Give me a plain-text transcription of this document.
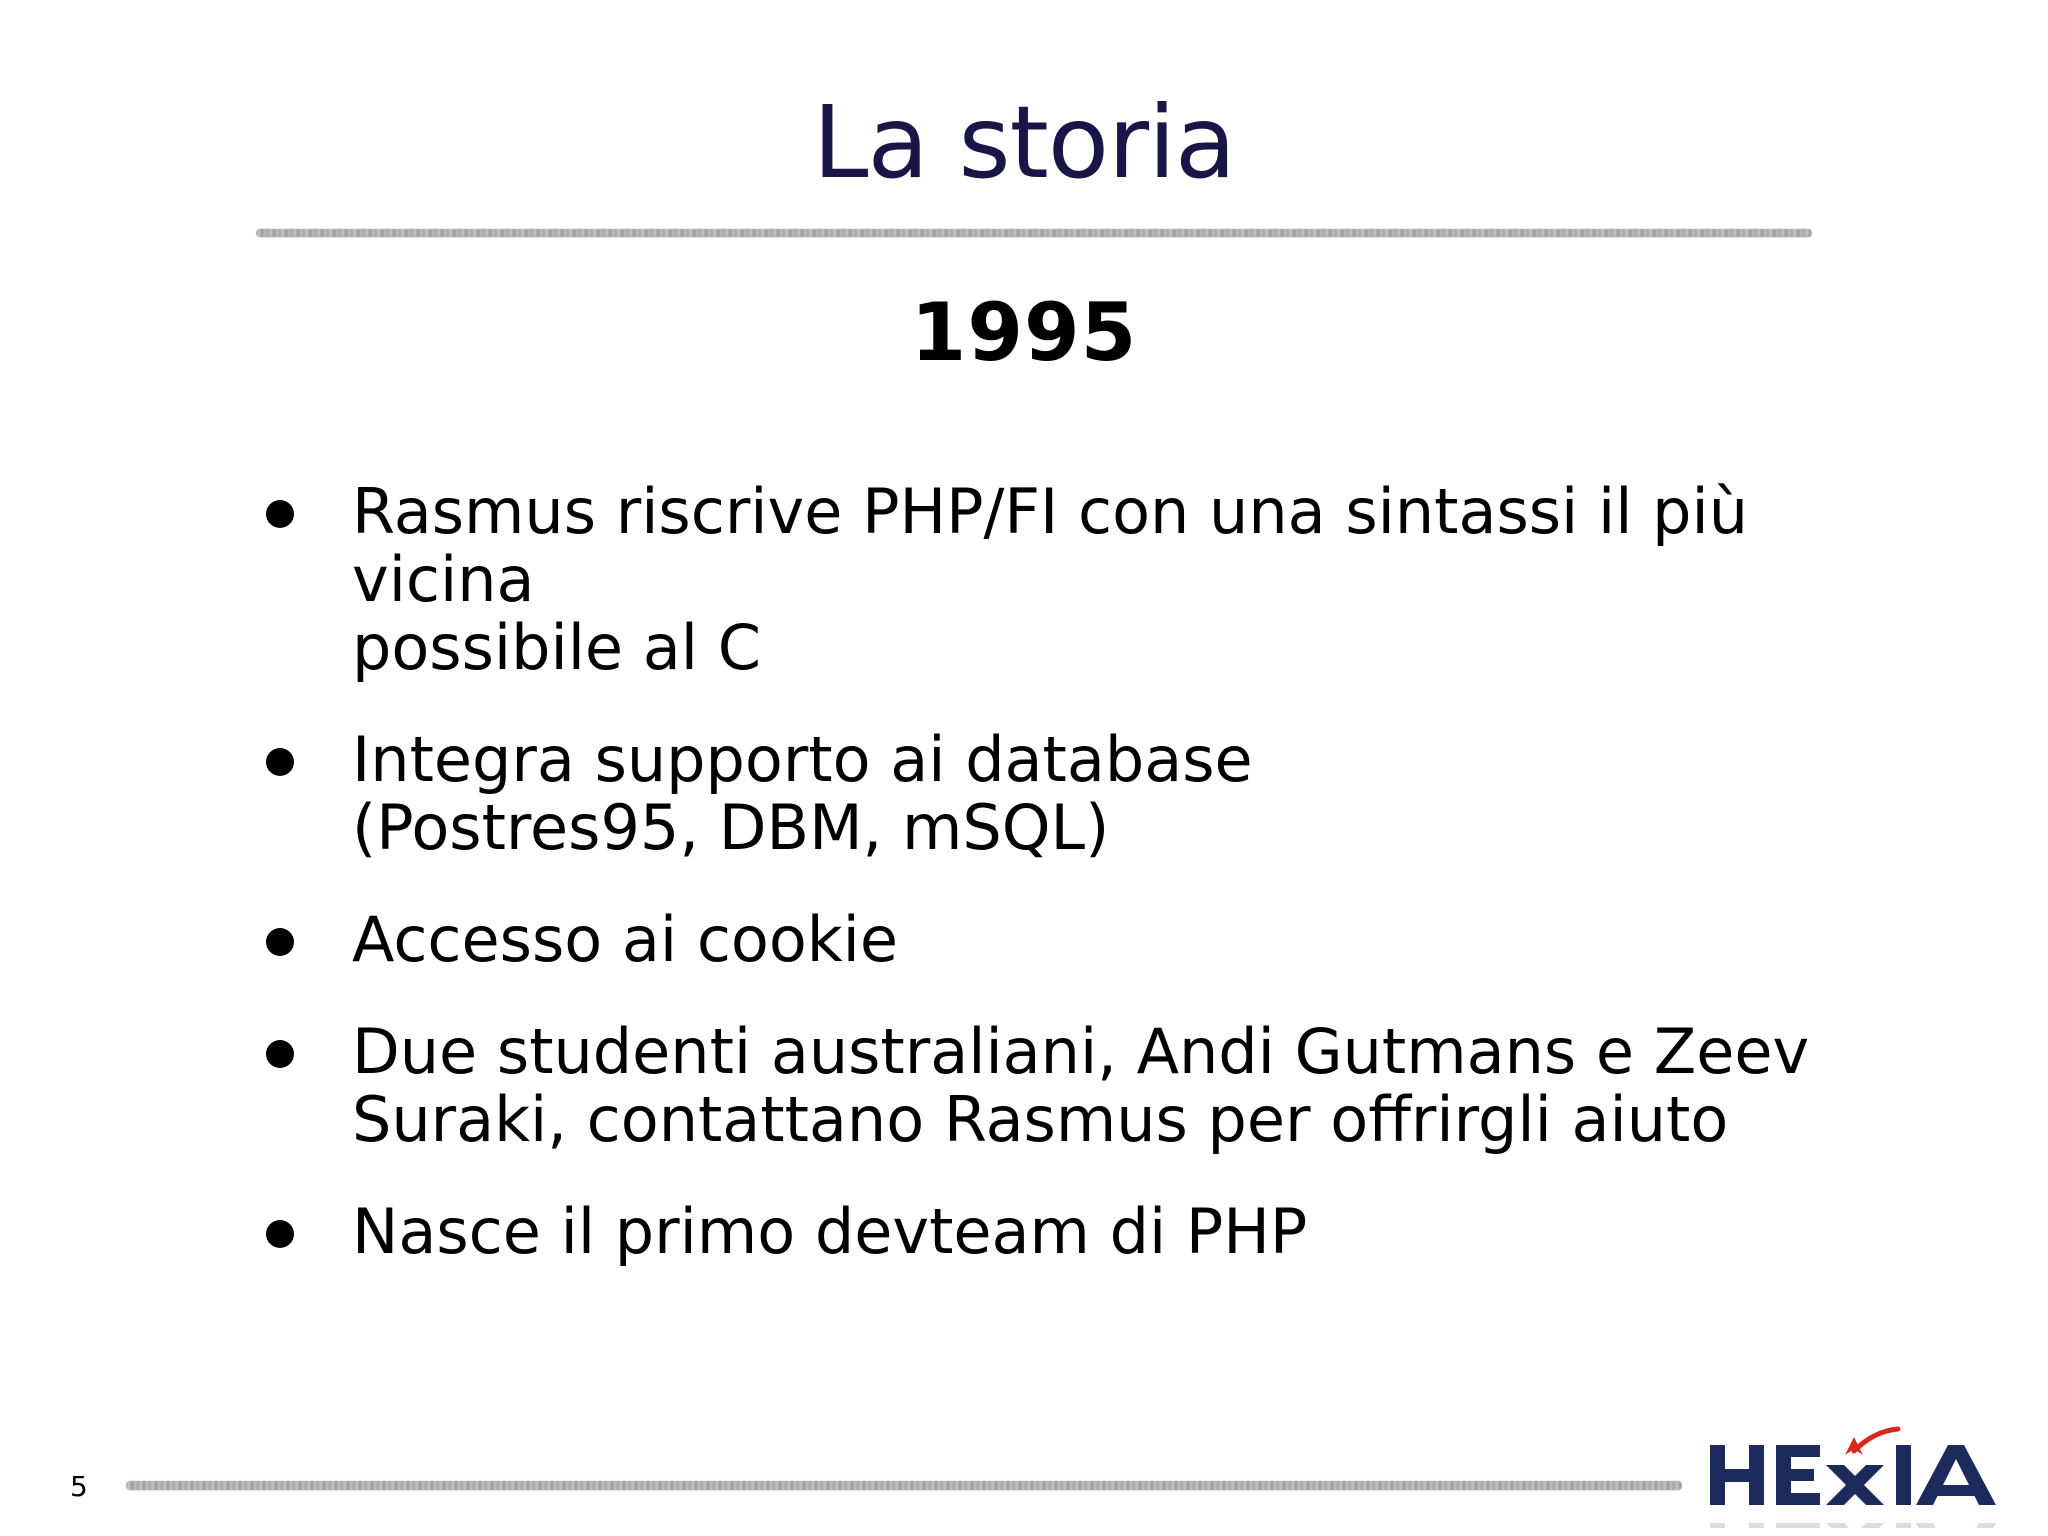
La storia
1995
Rasmus riscrive PHP/FI con una sintassi il più vicina
possibile al C
Integra supporto ai database
(Postres95, DBM, mSQL)
Accesso ai cookie
Due studenti australiani, Andi Gutmans e Zeev
Suraki, contattano Rasmus per offrirgli aiuto
Nasce il primo devteam di PHP
5
